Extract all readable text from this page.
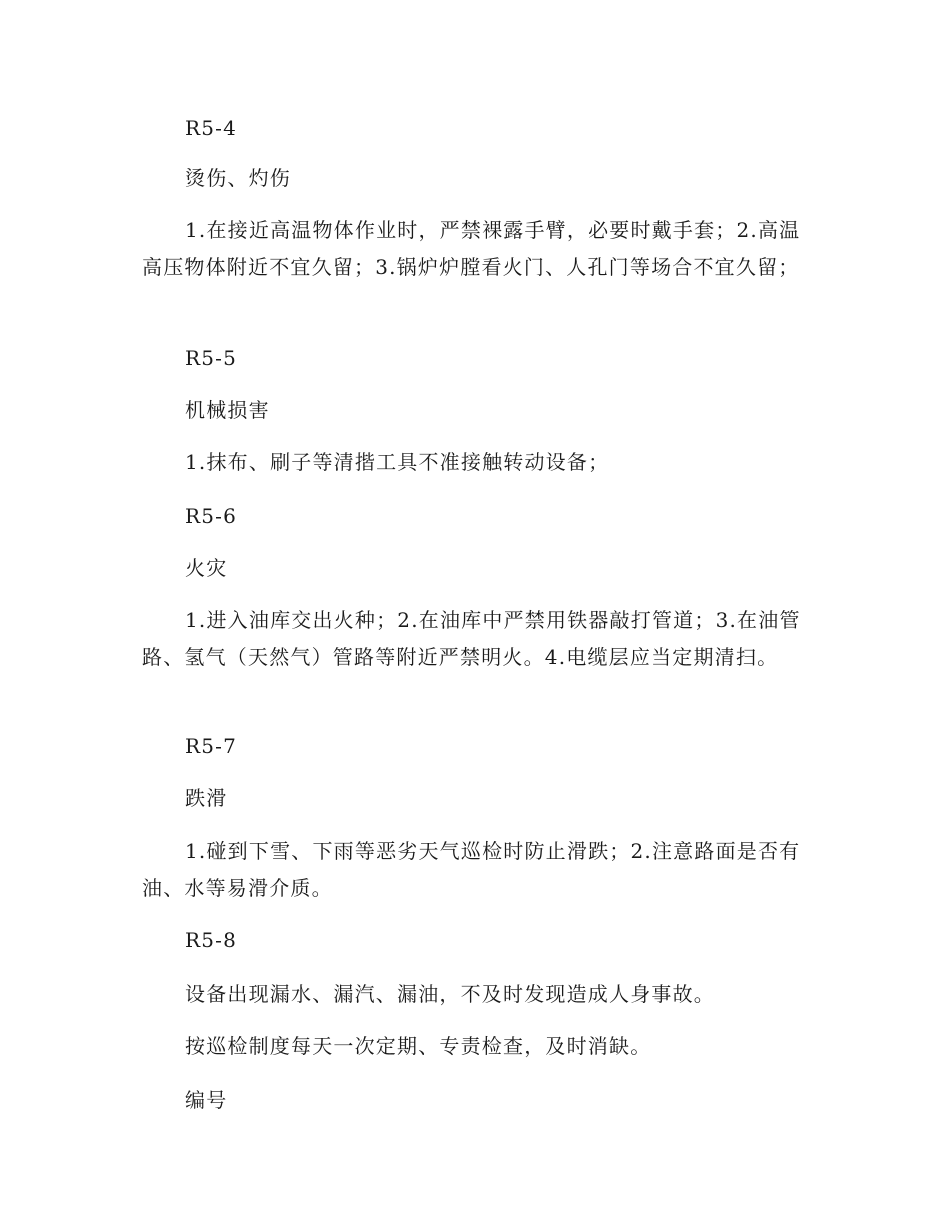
R5-4

烫伤、灼伤

1.在接近高温物体作业时，严禁裸露手臂，必要时戴手套；2.高温高压物体附近不宜久留；3.锅炉炉膛看火门、人孔门等场合不宜久留；

R5-5

机械损害

1.抹布、刷子等清揩工具不准接触转动设备；

R5-6

火灾

1.进入油库交出火种；2.在油库中严禁用铁器敲打管道；3.在油管路、氢气（天然气）管路等附近严禁明火。4.电缆层应当定期清扫。

R5-7

跌滑

1.碰到下雪、下雨等恶劣天气巡检时防止滑跌；2.注意路面是否有油、水等易滑介质。

R5-8

设备出现漏水、漏汽、漏油，不及时发现造成人身事故。

按巡检制度每天一次定期、专责检查，及时消缺。

编号
